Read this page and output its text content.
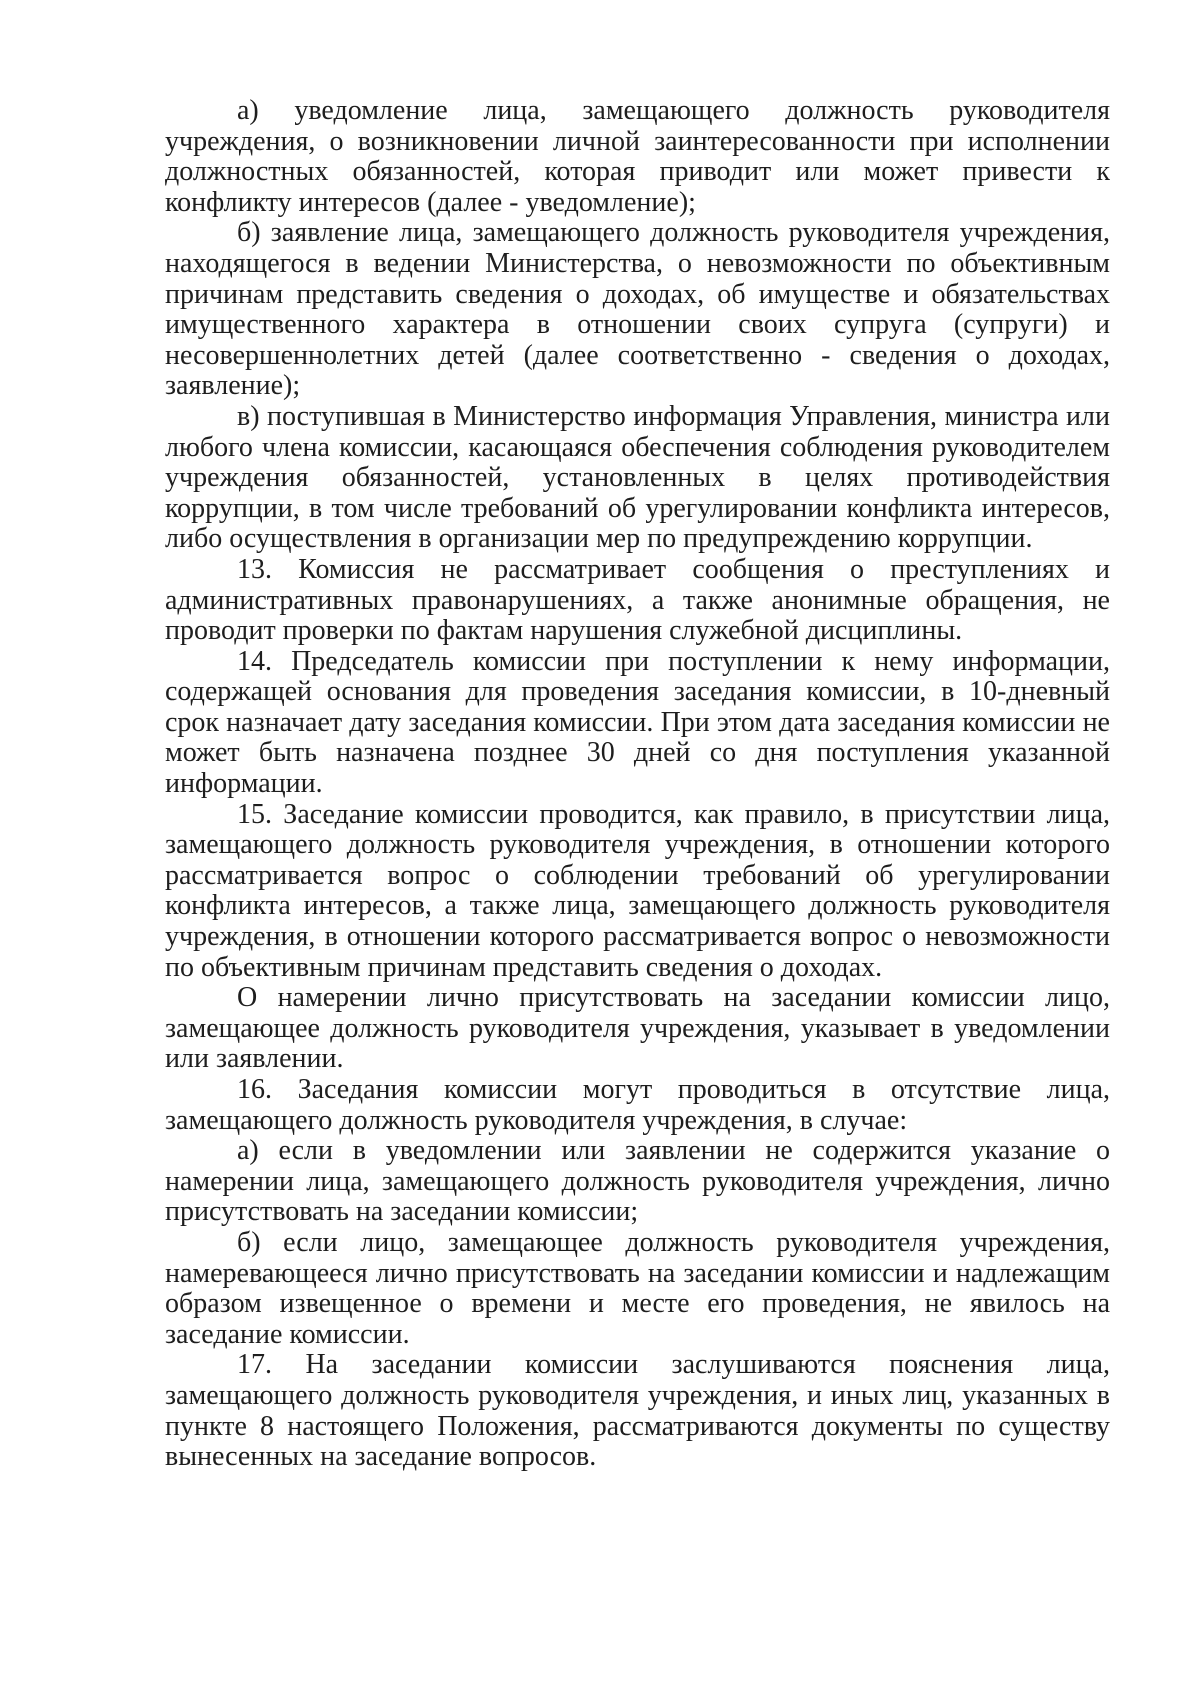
а) уведомление лица, замещающего должность руководителя учреждения, о возникновении личной заинтересованности при исполнении должностных обязанностей, которая приводит или может привести к конфликту интересов (далее - уведомление);

б) заявление лица, замещающего должность руководителя учреждения, находящегося в ведении Министерства, о невозможности по объективным причинам представить сведения о доходах, об имуществе и обязательствах имущественного характера в отношении своих супруга (супруги) и несовершеннолетних детей (далее соответственно - сведения о доходах, заявление);

в) поступившая в Министерство информация Управления, министра или любого члена комиссии, касающаяся обеспечения соблюдения руководителем учреждения обязанностей, установленных в целях противодействия коррупции, в том числе требований об урегулировании конфликта интересов, либо осуществления в организации мер по предупреждению коррупции.

13. Комиссия не рассматривает сообщения о преступлениях и административных правонарушениях, а также анонимные обращения, не проводит проверки по фактам нарушения служебной дисциплины.

14. Председатель комиссии при поступлении к нему информации, содержащей основания для проведения заседания комиссии, в 10-дневный срок назначает дату заседания комиссии. При этом дата заседания комиссии не может быть назначена позднее 30 дней со дня поступления указанной информации.

15. Заседание комиссии проводится, как правило, в присутствии лица, замещающего должность руководителя учреждения, в отношении которого рассматривается вопрос о соблюдении требований об урегулировании конфликта интересов, а также лица, замещающего должность руководителя учреждения, в отношении которого рассматривается вопрос о невозможности по объективным причинам представить сведения о доходах.

О намерении лично присутствовать на заседании комиссии лицо, замещающее должность руководителя учреждения, указывает в уведомлении или заявлении.

16. Заседания комиссии могут проводиться в отсутствие лица, замещающего должность руководителя учреждения, в случае:

а) если в уведомлении или заявлении не содержится указание о намерении лица, замещающего должность руководителя учреждения, лично присутствовать на заседании комиссии;

б) если лицо, замещающее должность руководителя учреждения, намеревающееся лично присутствовать на заседании комиссии и надлежащим образом извещенное о времени и месте его проведения, не явилось на заседание комиссии.

17. На заседании комиссии заслушиваются пояснения лица, замещающего должность руководителя учреждения, и иных лиц, указанных в пункте 8 настоящего Положения, рассматриваются документы по существу вынесенных на заседание вопросов.
